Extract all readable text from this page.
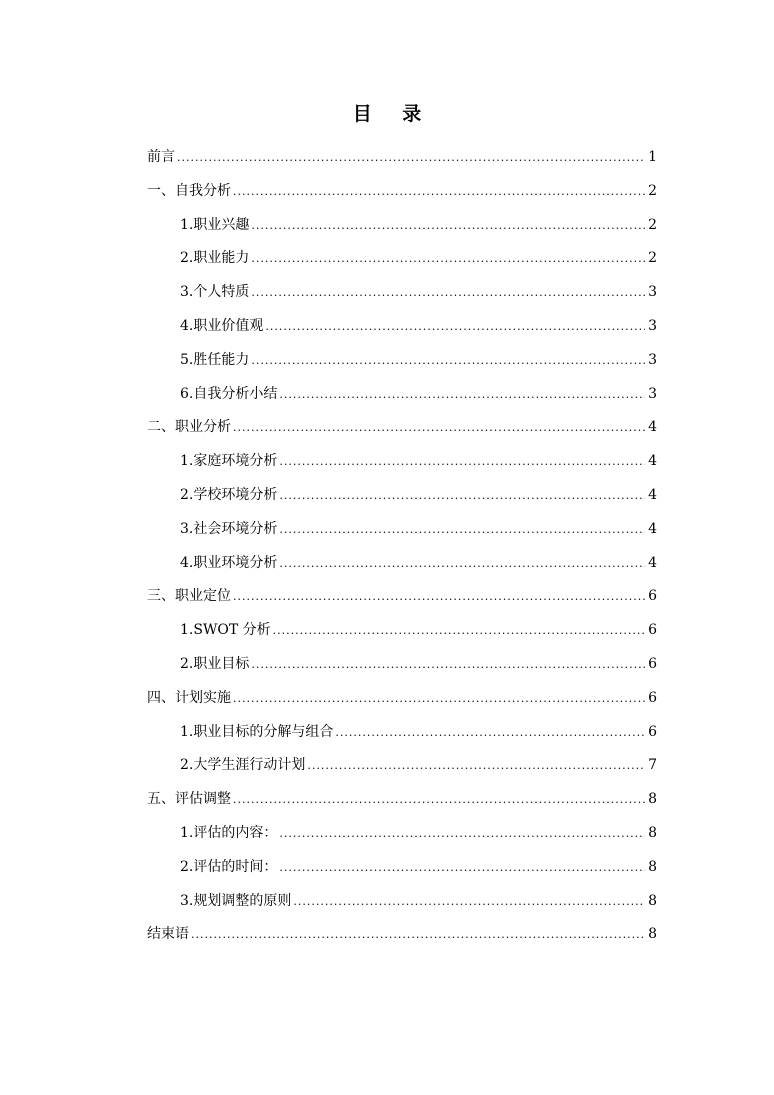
目 录
前言 .....	1
一、自我分析 .....	2
1.职业兴趣 .....	2
2.职业能力 .....	2
3.个人特质 .....	3
4.职业价值观 .....	3
5.胜任能力 .....	3
6.自我分析小结 .....	3
二、职业分析 .....	4
1.家庭环境分析 .....	4
2.学校环境分析 .....	4
3.社会环境分析 .....	4
4.职业环境分析 .....	4
三、职业定位 .....	6
1.SWOT 分析 .....	6
2.职业目标 .....	6
四、计划实施 .....	6
1.职业目标的分解与组合 .....	6
2.大学生涯行动计划 .....	7
五、评估调整 .....	8
1.评估的内容： .....	8
2.评估的时间： .....	8
3.规划调整的原则 .....	8
结束语 .....	8
